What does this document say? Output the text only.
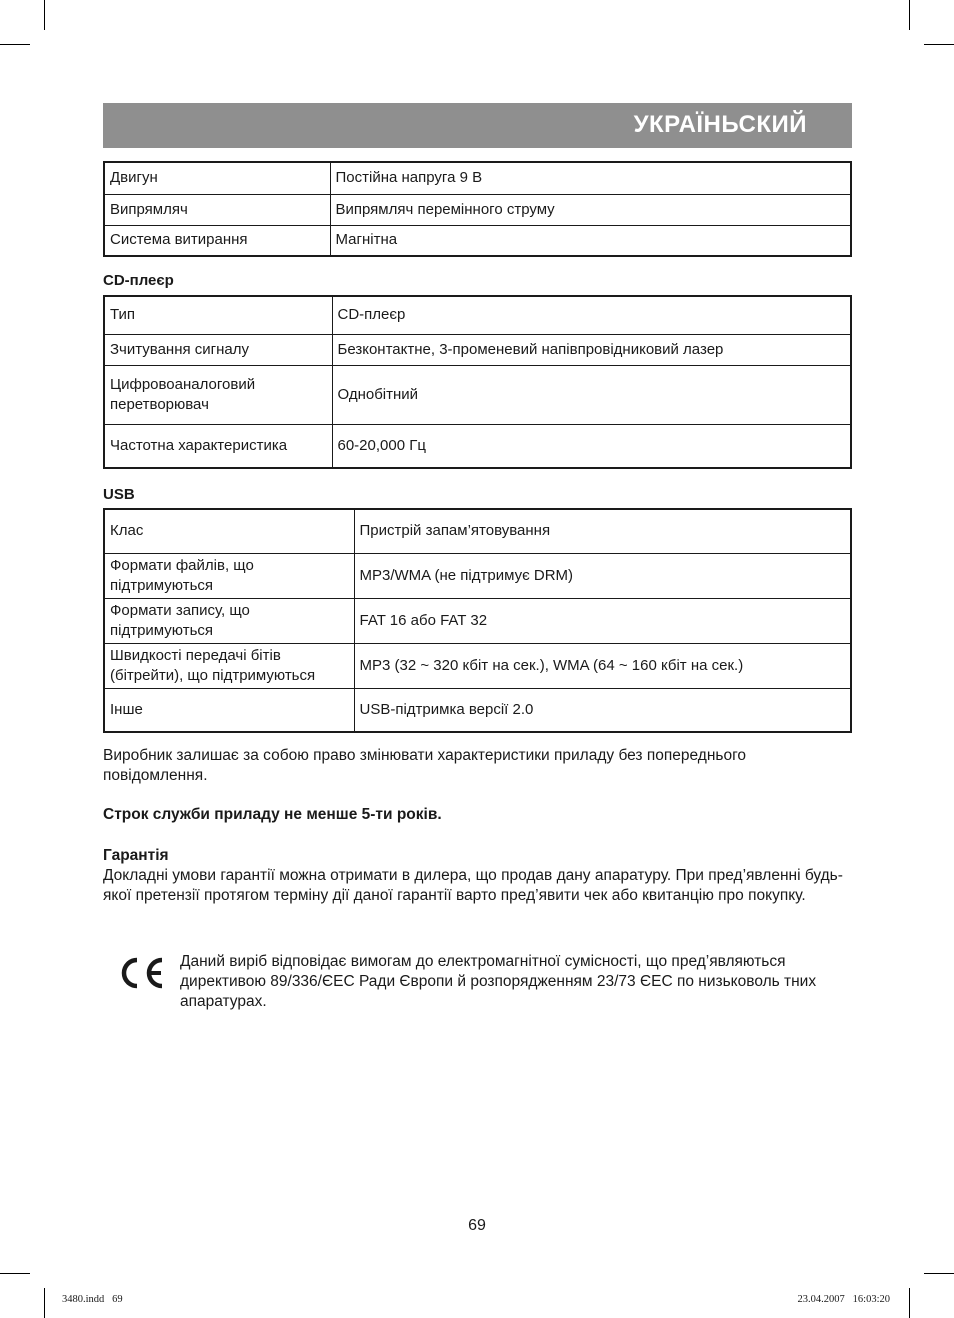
УКРАЇНЬСКИЙ
Двигун	Постійна напруга 9 В
Випрямляч	Випрямляч перемінного струму
Система витирання	Магнітна
CD-плеєр
Тип	CD-плеєр
Зчитування сигналу	Безконтактне, 3-променевий напівпровідниковий лазер
Цифровоаналоговий перетворювач	Однобітний
Частотна характеристика	60-20,000 Гц
USB
Клас	Пристрій запам’ятовування
Формати файлів, що підтримуються	MP3/WMA (не підтримує DRM)
Формати запису, що підтримуються	FAT 16 або FAT 32
Швидкості передачі бітів (бітрейти), що підтримуються	MP3 (32 ~ 320 кбіт на сек.), WMA (64 ~ 160 кбіт на сек.)
Інше	USB-підтримка версії 2.0
Виробник залишає за собою право змінювати характеристики приладу без попереднього повідомлення.
Строк служби приладу не менше 5-ти років.
Гарантія
Докладні умови гарантії можна отримати в дилера, що продав дану апаратуру. При пред’явленні будь-якої претензії протягом терміну дії даної гарантії варто пред’явити чек або квитанцію про покупку.
Даний виріб відповідає вимогам до електромагнітної сумісності, що пред’являються директивою 89/336/ЄЕС Ради Європи й розпорядженням 23/73 ЄЕС по низьковоль тних апаратурах.
69
3480.indd   69	23.04.2007   16:03:20
